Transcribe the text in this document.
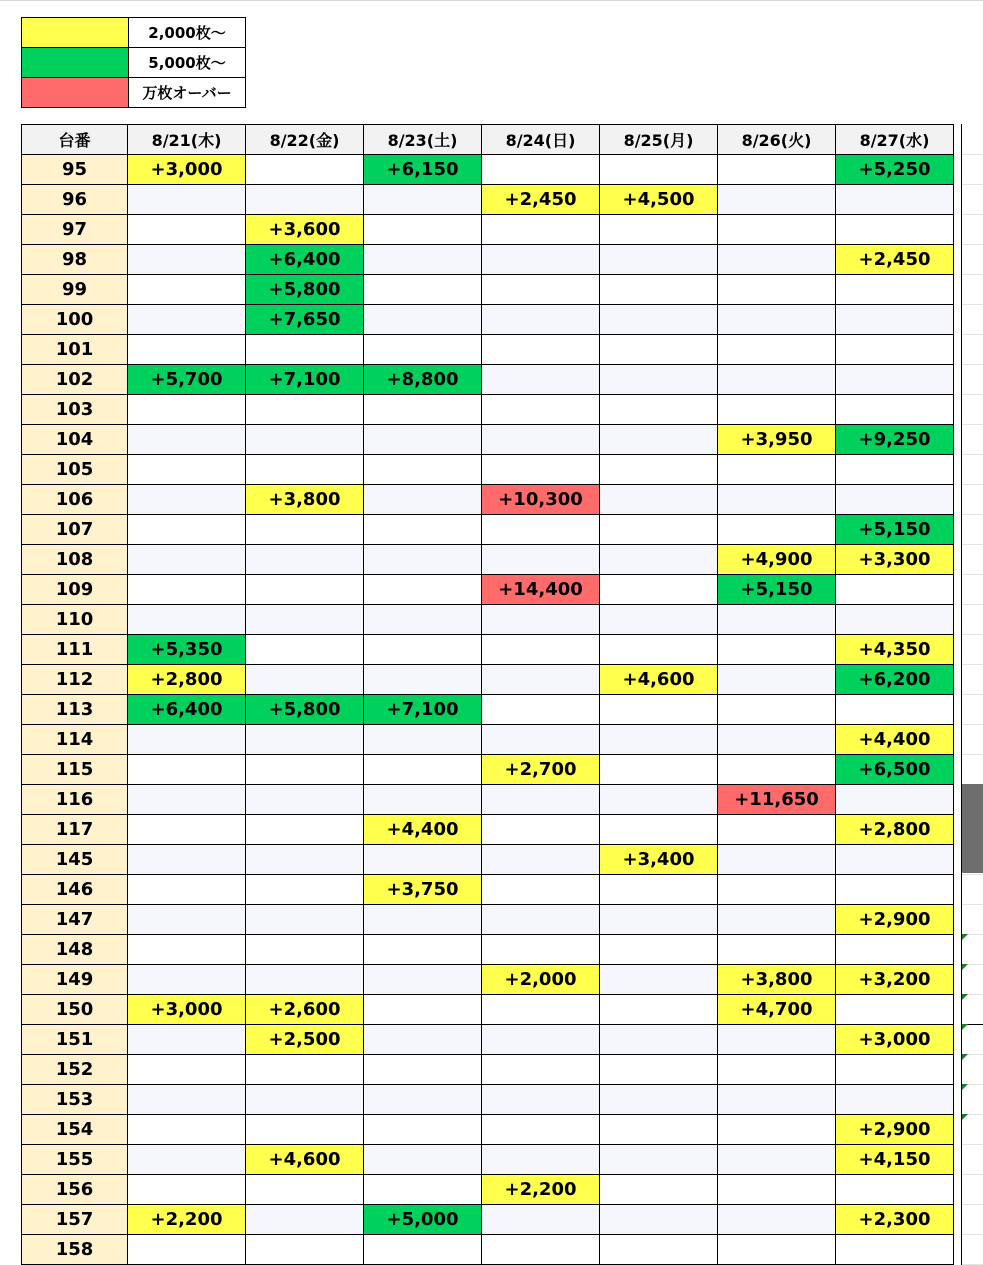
	2,000枚～
	5,000枚～
	万枚オーバー
台番	8/21(木)	8/22(金)	8/23(土)	8/24(日)	8/25(月)	8/26(火)	8/27(水)
95	+3,000		+6,150				+5,250
96				+2,450	+4,500		
97		+3,600					
98		+6,400					+2,450
99		+5,800					
100		+7,650					
101							
102	+5,700	+7,100	+8,800				
103							
104						+3,950	+9,250
105							
106		+3,800		+10,300			
107							+5,150
108						+4,900	+3,300
109				+14,400		+5,150	
110							
111	+5,350						+4,350
112	+2,800				+4,600		+6,200
113	+6,400	+5,800	+7,100				
114							+4,400
115				+2,700			+6,500
116						+11,650	
117			+4,400				+2,800
145					+3,400		
146			+3,750				
147							+2,900
148							
149				+2,000		+3,800	+3,200
150	+3,000	+2,600				+4,700	
151		+2,500					+3,000
152							
153							
154							+2,900
155		+4,600					+4,150
156				+2,200			
157	+2,200		+5,000				+2,300
158							
